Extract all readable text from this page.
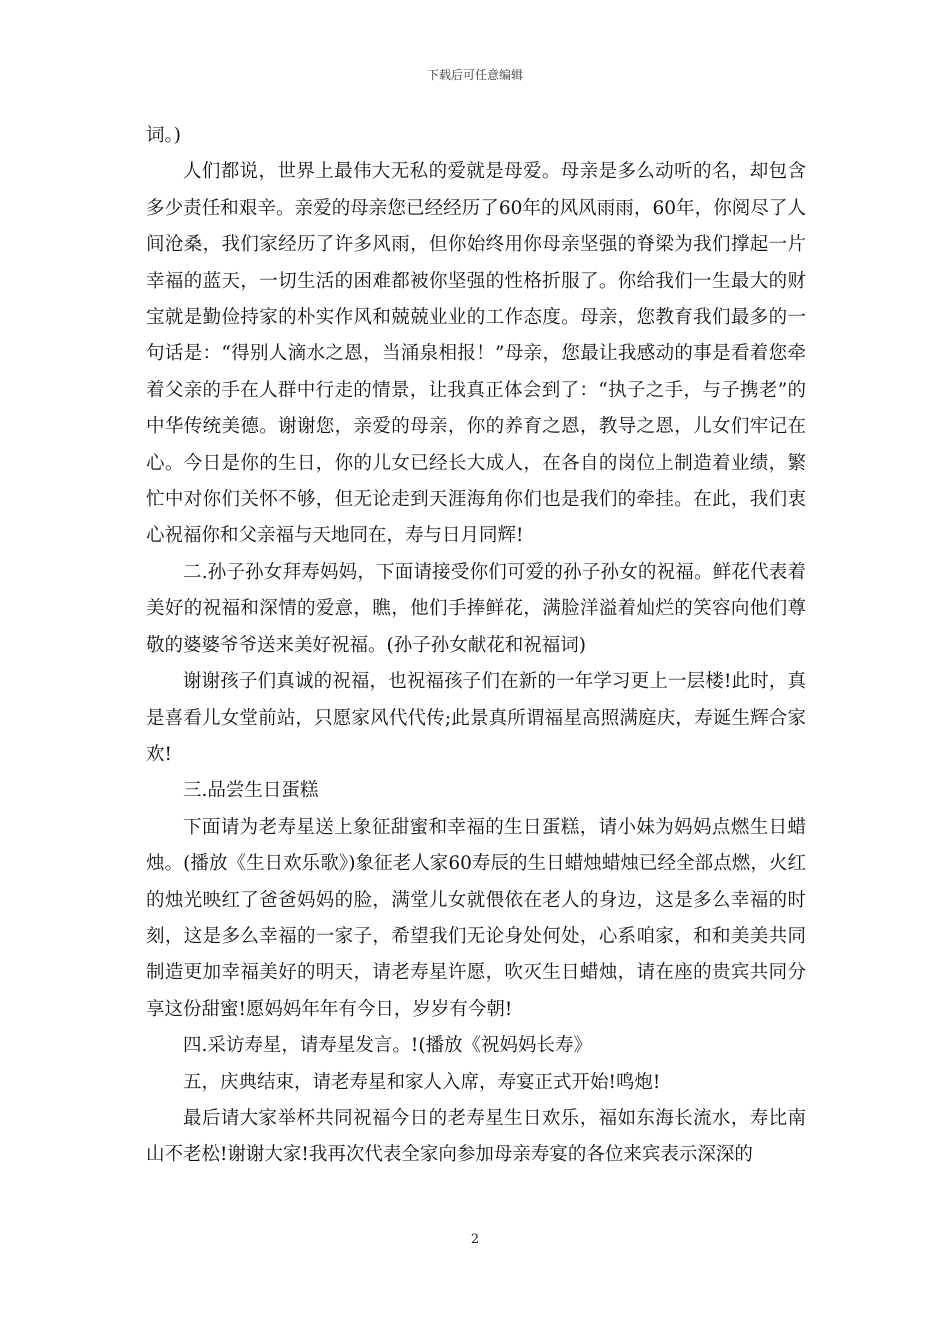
下载后可任意编辑

词。)

人们都说，世界上最伟大无私的爱就是母爱。母亲是多么动听的名，却包含多少责任和艰辛。亲爱的母亲您已经经历了60年的风风雨雨，60年，你阅尽了人间沧桑，我们家经历了许多风雨，但你始终用你母亲坚强的脊梁为我们撑起一片幸福的蓝天，一切生活的困难都被你坚强的性格折服了。你给我们一生最大的财宝就是勤俭持家的朴实作风和兢兢业业的工作态度。母亲，您教育我们最多的一句话是：“得别人滴水之恩，当涌泉相报！”母亲，您最让我感动的事是看着您牵着父亲的手在人群中行走的情景，让我真正体会到了：“执子之手，与子携老”的中华传统美德。谢谢您，亲爱的母亲，你的养育之恩，教导之恩，儿女们牢记在心。今日是你的生日，你的儿女已经长大成人，在各自的岗位上制造着业绩，繁忙中对你们关怀不够，但无论走到天涯海角你们也是我们的牵挂。在此，我们衷心祝福你和父亲福与天地同在，寿与日月同辉!

二.孙子孙女拜寿妈妈，下面请接受你们可爱的孙子孙女的祝福。鲜花代表着美好的祝福和深情的爱意，瞧，他们手捧鲜花，满脸洋溢着灿烂的笑容向他们尊敬的婆婆爷爷送来美好祝福。(孙子孙女献花和祝福词)

谢谢孩子们真诚的祝福，也祝福孩子们在新的一年学习更上一层楼!此时，真是喜看儿女堂前站，只愿家风代代传;此景真所谓福星高照满庭庆，寿诞生辉合家欢!

三.品尝生日蛋糕

下面请为老寿星送上象征甜蜜和幸福的生日蛋糕，请小妹为妈妈点燃生日蜡烛。(播放《生日欢乐歌》)象征老人家60寿辰的生日蜡烛蜡烛已经全部点燃，火红的烛光映红了爸爸妈妈的脸，满堂儿女就偎依在老人的身边，这是多么幸福的时刻，这是多么幸福的一家子，希望我们无论身处何处，心系咱家，和和美美共同制造更加幸福美好的明天，请老寿星许愿，吹灭生日蜡烛，请在座的贵宾共同分享这份甜蜜!愿妈妈年年有今日，岁岁有今朝!

四.采访寿星，请寿星发言。!(播放《祝妈妈长寿》

五，庆典结束，请老寿星和家人入席，寿宴正式开始!鸣炮!

最后请大家举杯共同祝福今日的老寿星生日欢乐，福如东海长流水，寿比南山不老松!谢谢大家!我再次代表全家向参加母亲寿宴的各位来宾表示深深的

2
